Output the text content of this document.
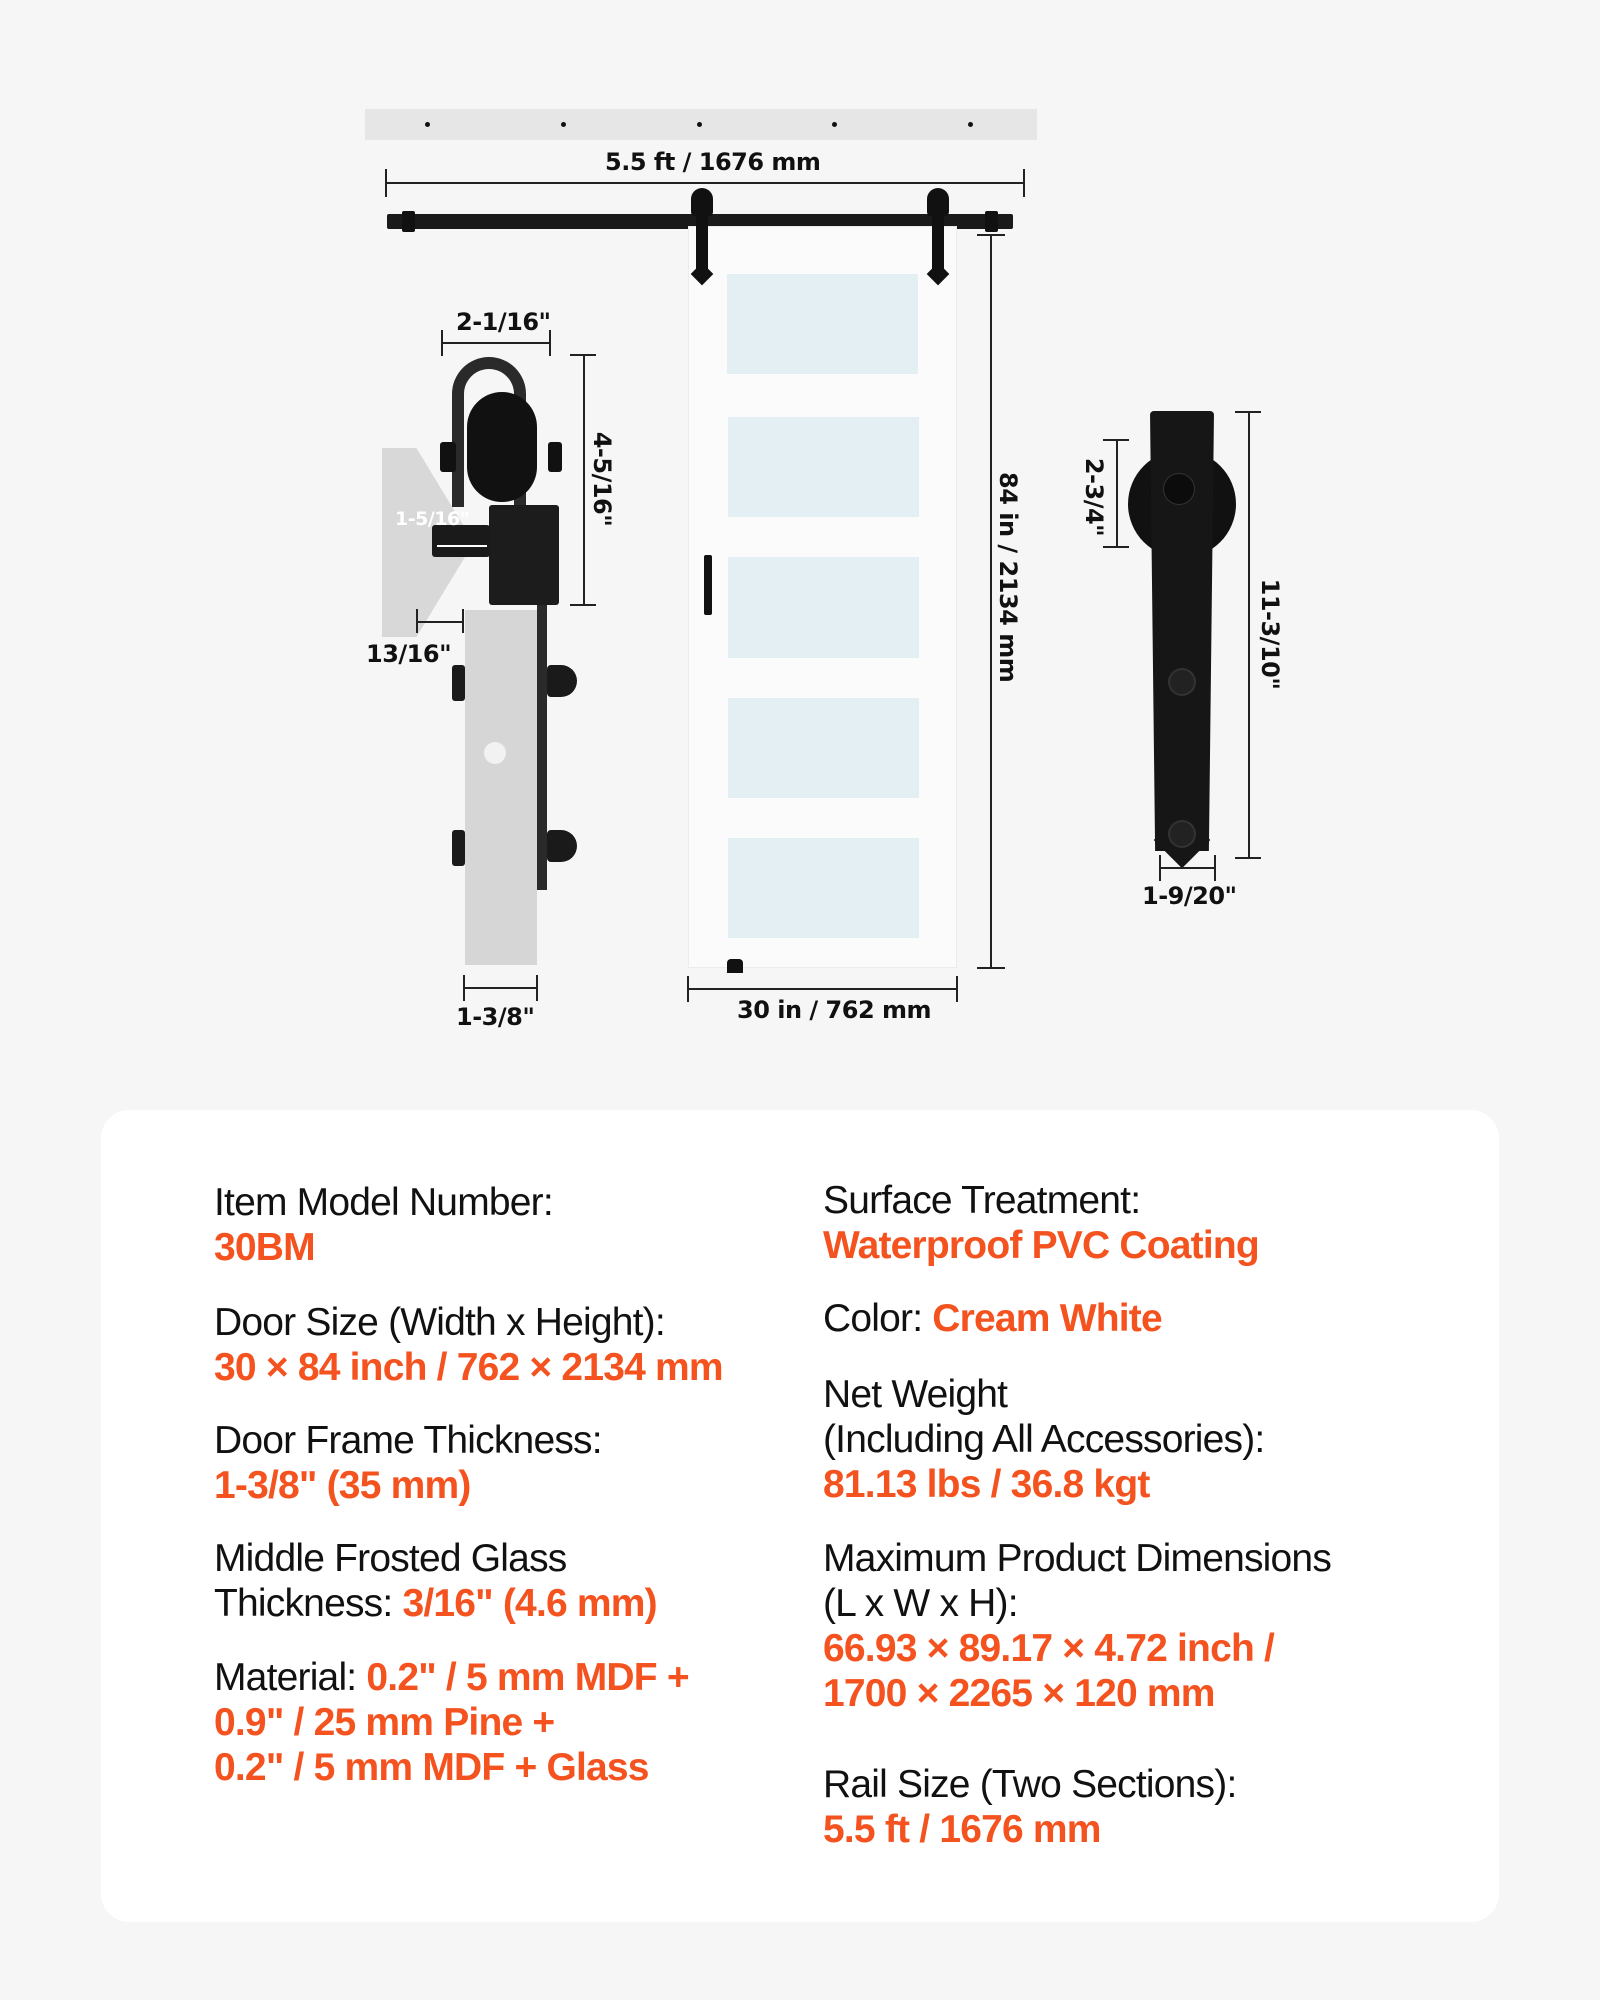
5.5 ft / 1676 mm
84 in / 2134 mm
30 in / 762 mm
2-1/16"
4-5/16"
1-5/16"
13/16"
1-3/8"
2-3/4"
11-3/10"
1-9/20"
Item Model Number:
30BM
Door Size (Width x Height):
30 × 84 inch / 762 × 2134 mm
Door Frame Thickness:
1-3/8" (35 mm)
Middle Frosted Glass
Thickness: 3/16" (4.6 mm)
Material: 0.2" / 5 mm MDF +
0.9" / 25 mm Pine +
0.2" / 5 mm MDF + Glass
Surface Treatment:
Waterproof PVC Coating
Color: Cream White
Net Weight
(Including All Accessories):
81.13 lbs / 36.8 kgt
Maximum Product Dimensions
(L x W x H):
66.93 × 89.17 × 4.72 inch /
1700 × 2265 × 120 mm
Rail Size (Two Sections):
5.5 ft / 1676 mm
